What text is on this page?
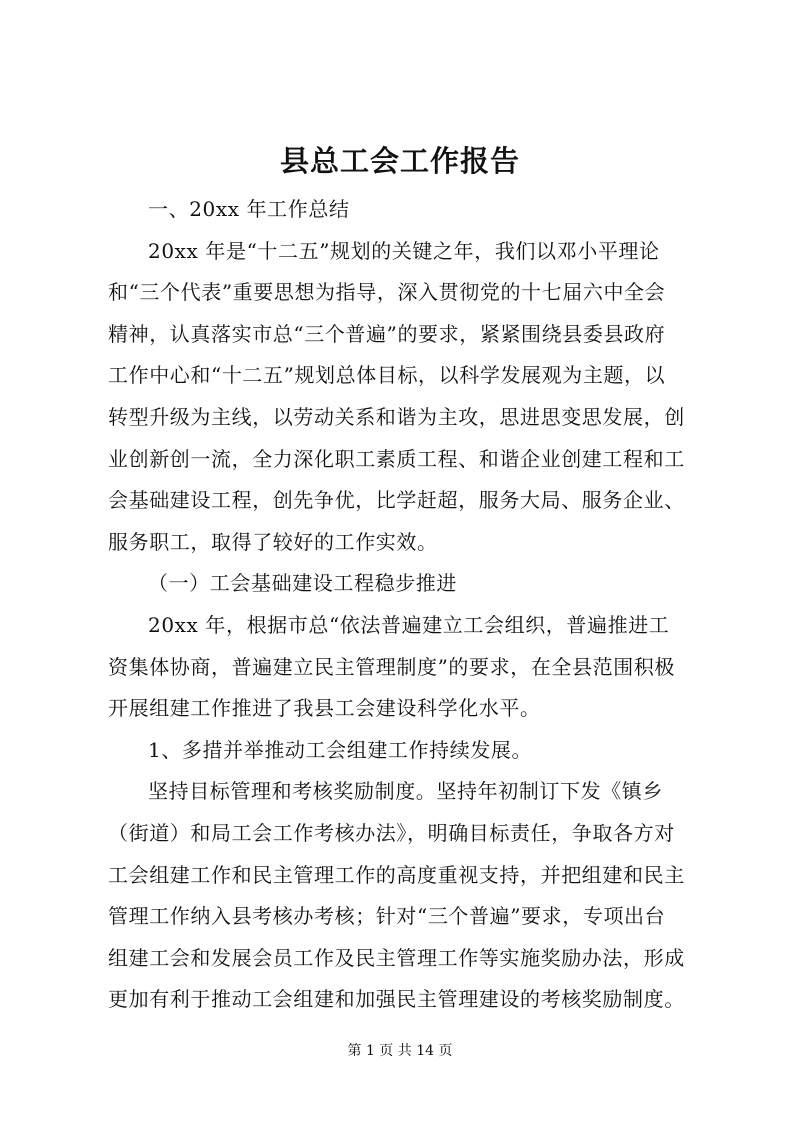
县总工会工作报告
一、20xx 年工作总结
20xx 年是“十二五”规划的关键之年，我们以邓小平理论
和“三个代表”重要思想为指导，深入贯彻党的十七届六中全会
精神，认真落实市总“三个普遍”的要求，紧紧围绕县委县政府
工作中心和“十二五”规划总体目标，以科学发展观为主题，以
转型升级为主线，以劳动关系和谐为主攻，思进思变思发展，创
业创新创一流，全力深化职工素质工程、和谐企业创建工程和工
会基础建设工程，创先争优，比学赶超，服务大局、服务企业、
服务职工，取得了较好的工作实效。
（一）工会基础建设工程稳步推进
20xx 年，根据市总“依法普遍建立工会组织，普遍推进工
资集体协商，普遍建立民主管理制度”的要求，在全县范围积极
开展组建工作推进了我县工会建设科学化水平。
1、多措并举推动工会组建工作持续发展。
坚持目标管理和考核奖励制度。坚持年初制订下发《镇乡
（街道）和局工会工作考核办法》，明确目标责任，争取各方对
工会组建工作和民主管理工作的高度重视支持，并把组建和民主
管理工作纳入县考核办考核；针对“三个普遍”要求，专项出台
组建工会和发展会员工作及民主管理工作等实施奖励办法，形成
更加有利于推动工会组建和加强民主管理建设的考核奖励制度。
第 1 页 共 14 页
